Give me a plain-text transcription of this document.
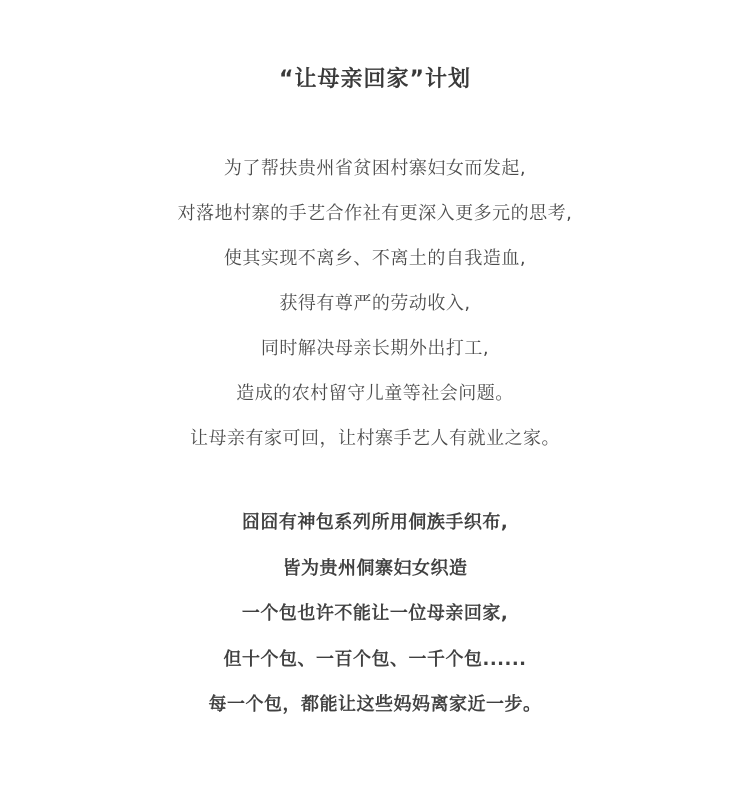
“让母亲回家”计划
为了帮扶贵州省贫困村寨妇女而发起,
对落地村寨的手艺合作社有更深入更多元的思考,
使其实现不离乡、不离土的自我造血,
获得有尊严的劳动收入,
同时解决母亲长期外出打工,
造成的农村留守儿童等社会问题。
让母亲有家可回，让村寨手艺人有就业之家。
囧囧有神包系列所用侗族手织布,
皆为贵州侗寨妇女织造
一个包也许不能让一位母亲回家,
但十个包、一百个包、一千个包......
每一个包，都能让这些妈妈离家近一步。
